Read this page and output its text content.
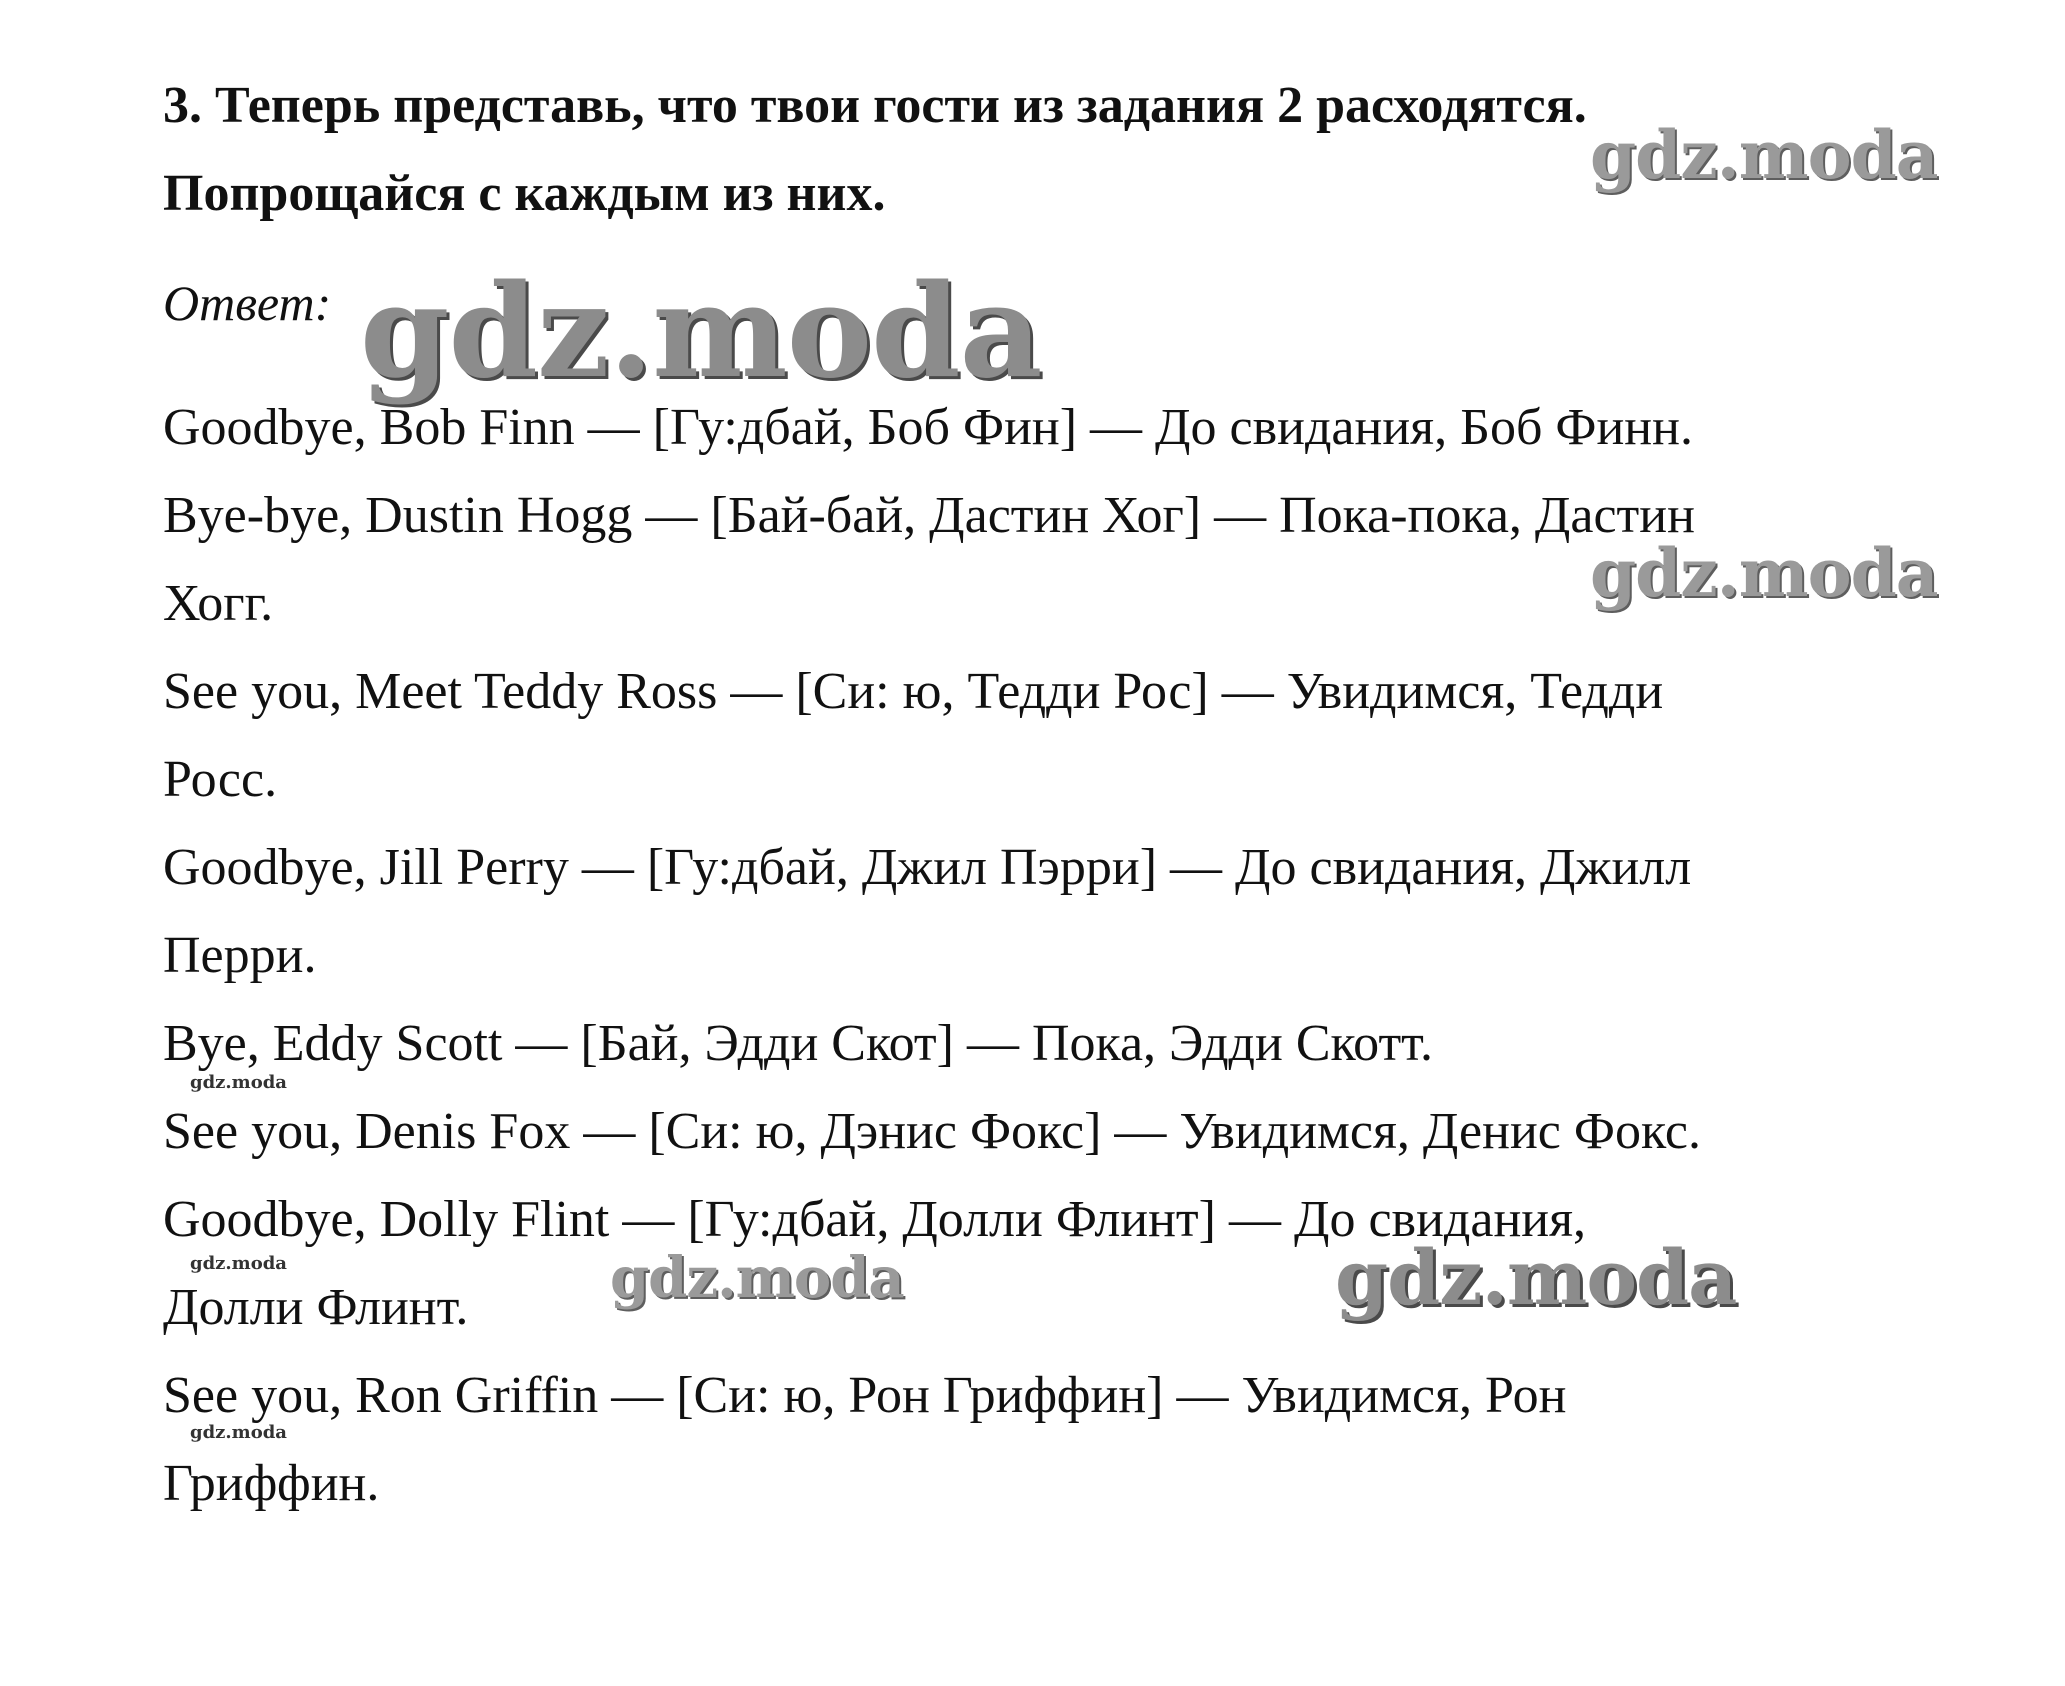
3. Теперь представь, что твои гости из задания 2 расходятся.
Попрощайся с каждым из них.
Ответ:
Goodbye, Bob Finn — [Гу:дбай, Боб Фин] — До свидания, Боб Финн.
Bye-bye, Dustin Hogg — [Бай-бай, Дастин Хог] — Пока-пока, Дастин
Хогг.
See you, Meet Teddy Ross — [Си: ю, Тедди Рос] — Увидимся, Тедди
Росс.
Goodbye, Jill Perry — [Гу:дбай, Джил Пэрри] — До свидания, Джилл
Перри.
Bye, Eddy Scott — [Бай, Эдди Скот] — Пока, Эдди Скотт.
See you, Denis Fox — [Си: ю, Дэнис Фокс] — Увидимся, Денис Фокс.
Goodbye, Dolly Flint — [Гу:дбай, Долли Флинт] — До свидания,
Долли Флинт.
See you, Ron Griffin — [Си: ю, Рон Гриффин] — Увидимся, Рон
Гриффин.
gdz.moda
gdz.moda
gdz.moda
gdz.moda	gdz.moda
gdz.moda
gdz.moda
gdz.moda
